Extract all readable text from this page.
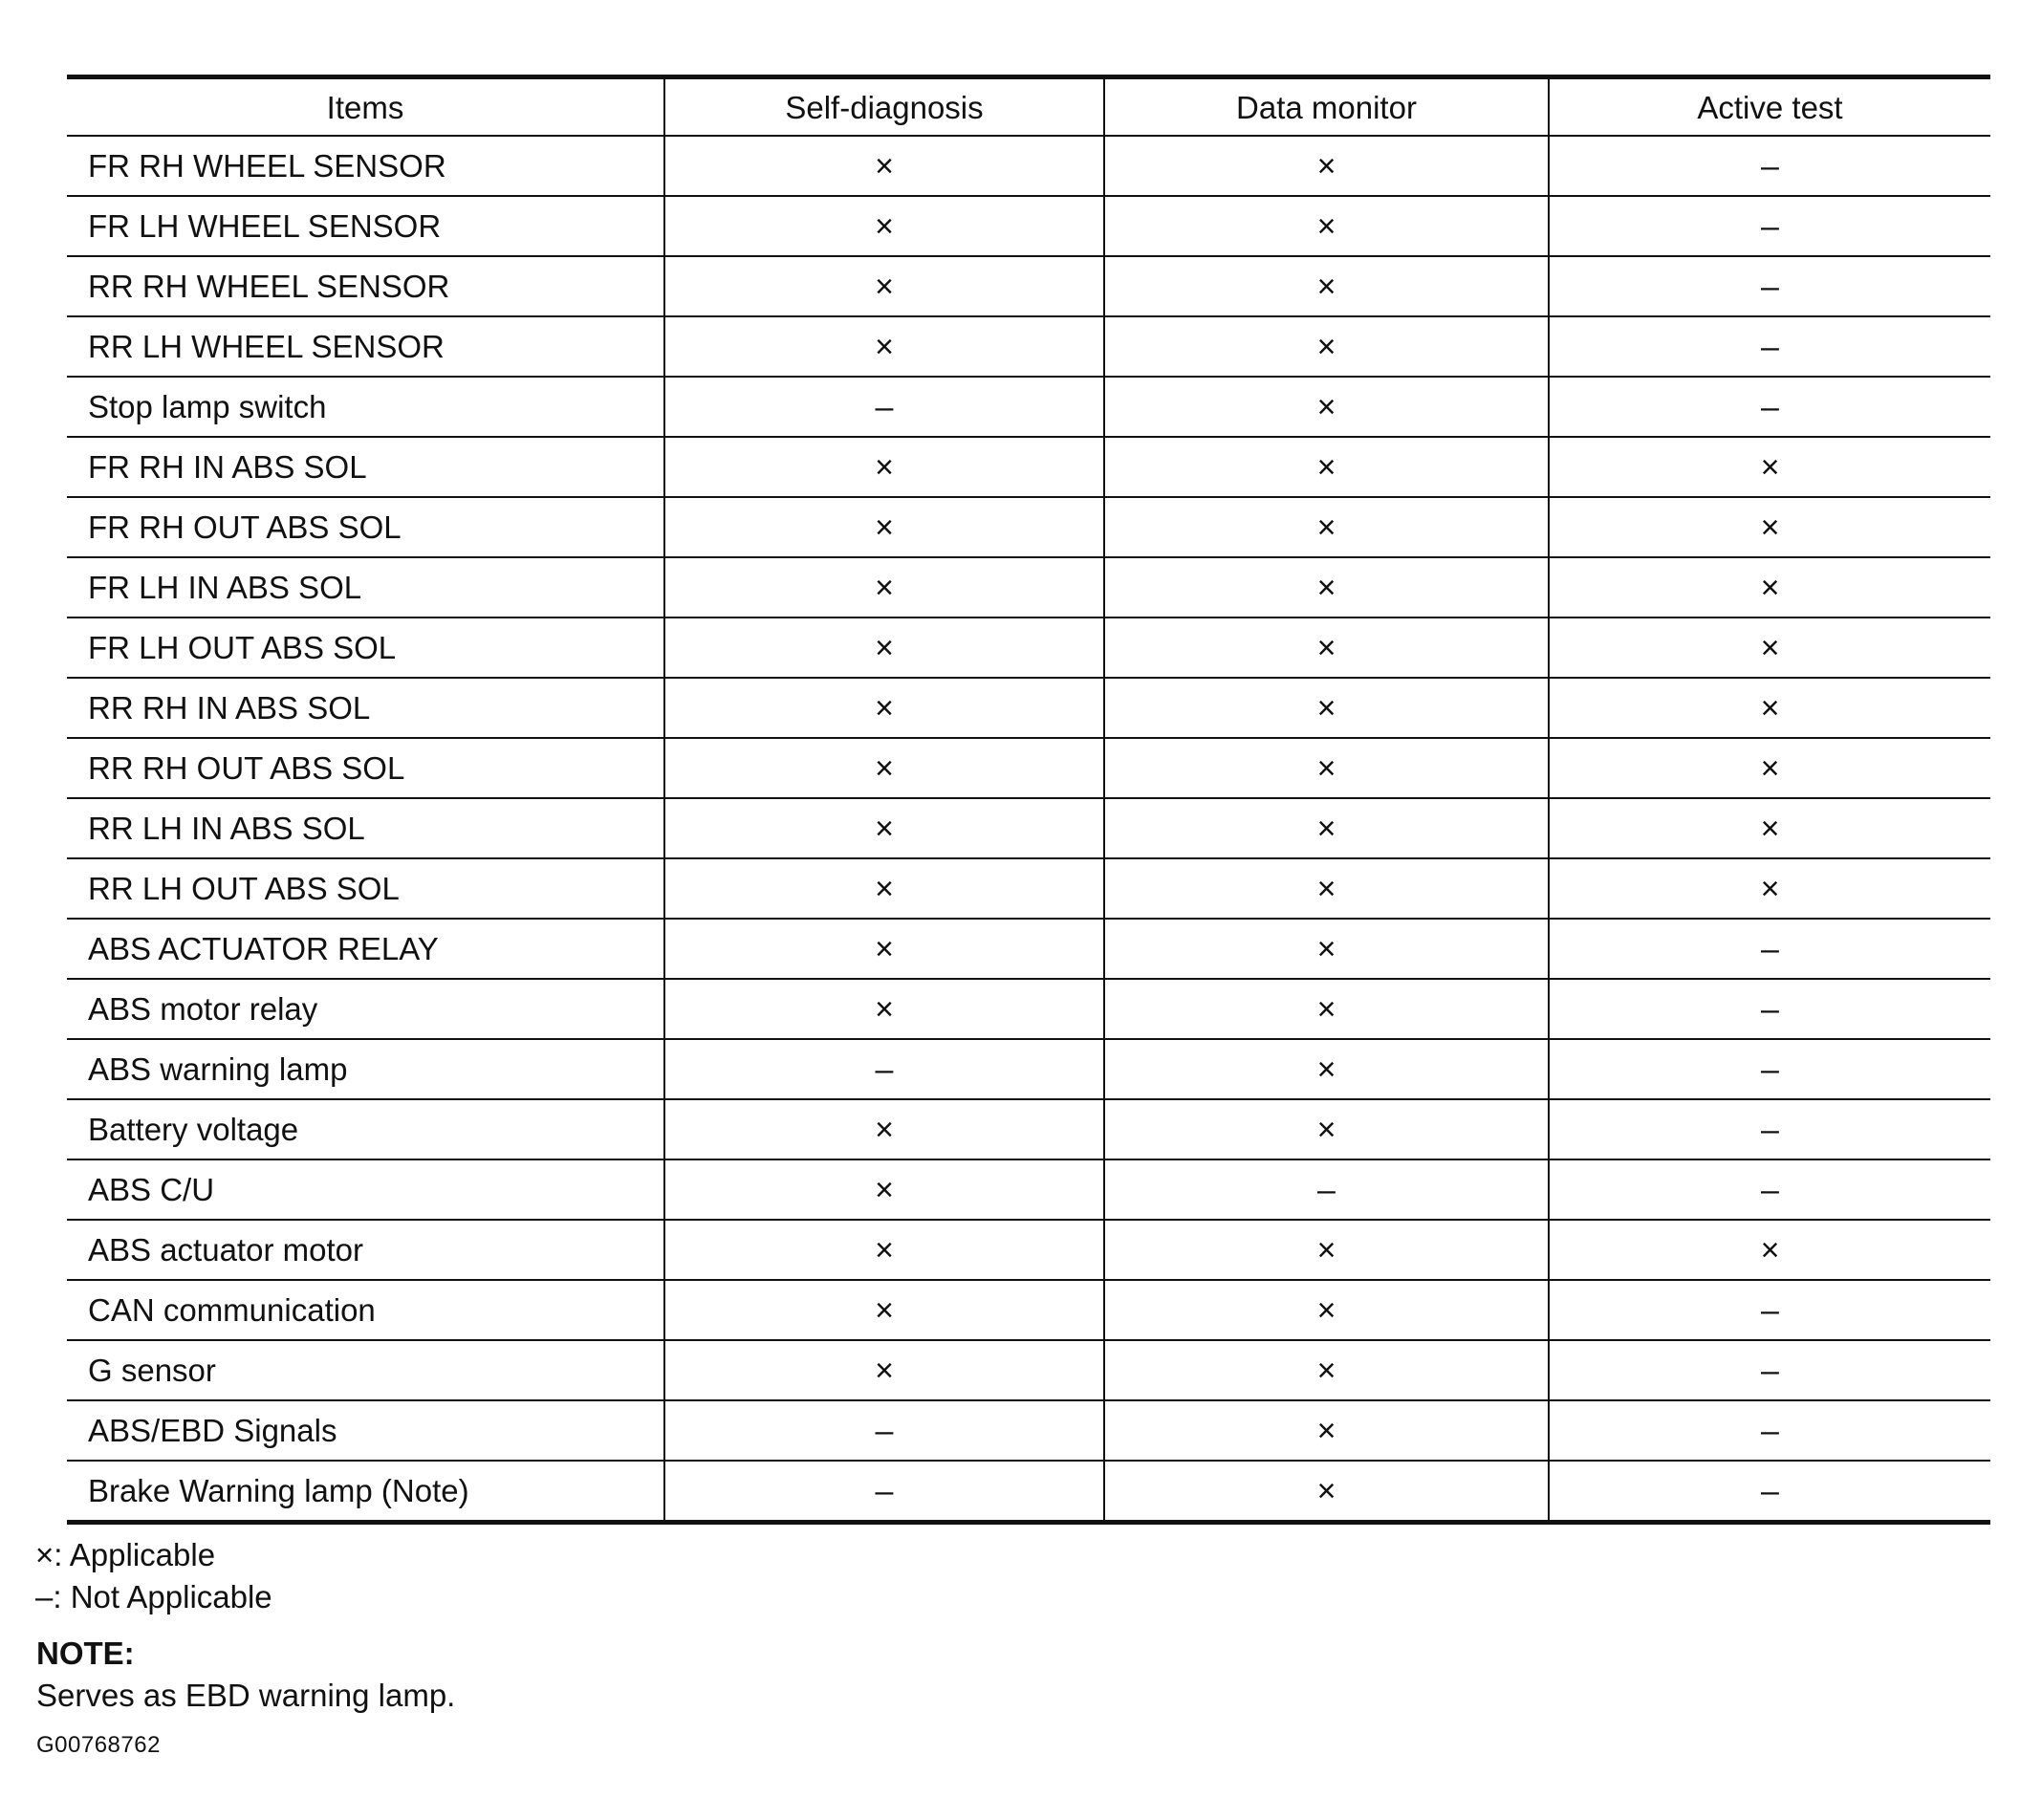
Items	Self-diagnosis	Data monitor	Active test
FR RH WHEEL SENSOR	×	×	–
FR LH WHEEL SENSOR	×	×	–
RR RH WHEEL SENSOR	×	×	–
RR LH WHEEL SENSOR	×	×	–
Stop lamp switch	–	×	–
FR RH IN ABS SOL	×	×	×
FR RH OUT ABS SOL	×	×	×
FR LH IN ABS SOL	×	×	×
FR LH OUT ABS SOL	×	×	×
RR RH IN ABS SOL	×	×	×
RR RH OUT ABS SOL	×	×	×
RR LH IN ABS SOL	×	×	×
RR LH OUT ABS SOL	×	×	×
ABS ACTUATOR RELAY	×	×	–
ABS motor relay	×	×	–
ABS warning lamp	–	×	–
Battery voltage	×	×	–
ABS C/U	×	–	–
ABS actuator motor	×	×	×
CAN communication	×	×	–
G sensor	×	×	–
ABS/EBD Signals	–	×	–
Brake Warning lamp (Note)	–	×	–
×: Applicable
–: Not Applicable
NOTE:
Serves as EBD warning lamp.
G00768762
